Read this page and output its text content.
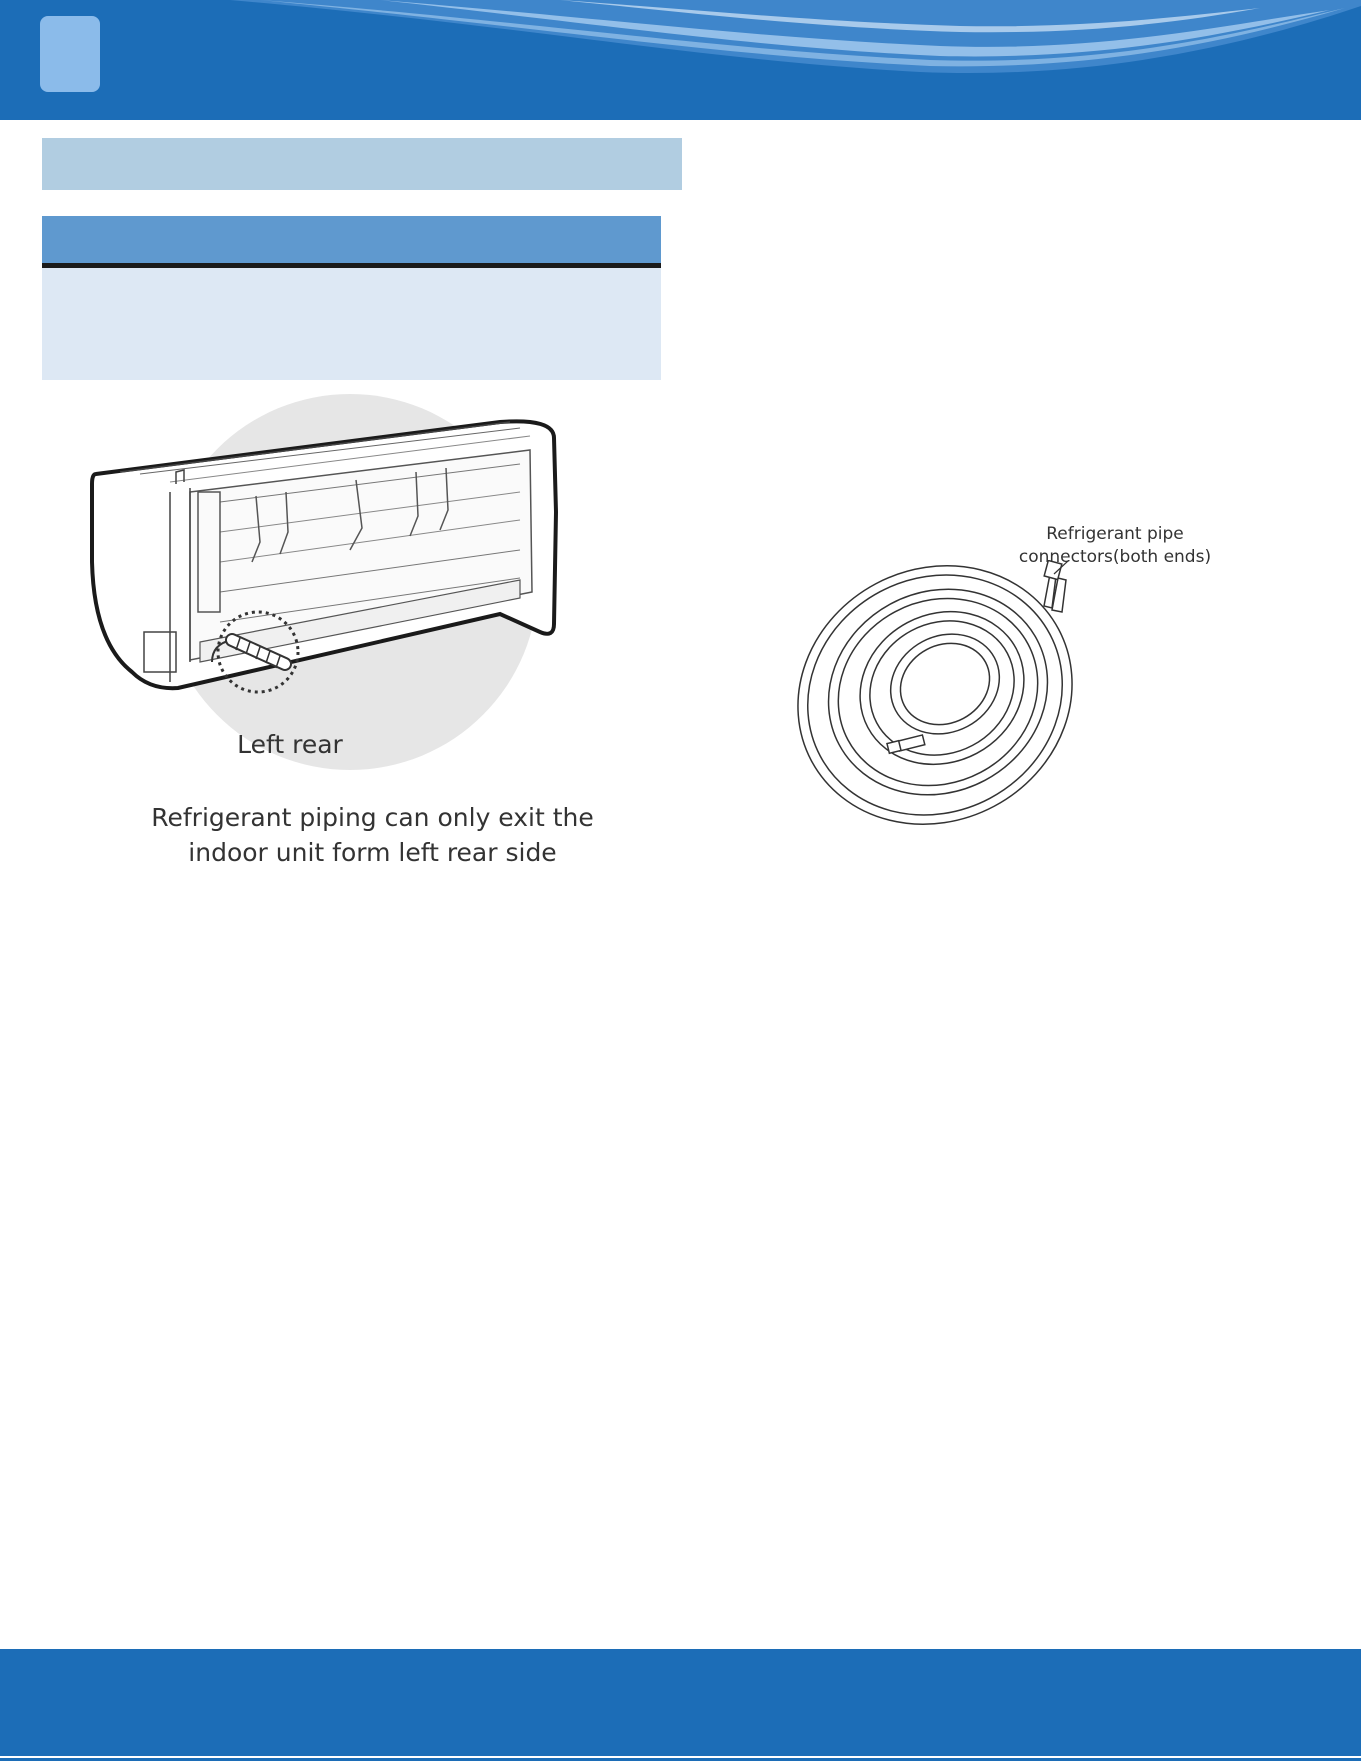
Left rear
Refrigerant piping can only exit the
indoor unit form left rear side
Refrigerant pipe
connectors(both ends)
